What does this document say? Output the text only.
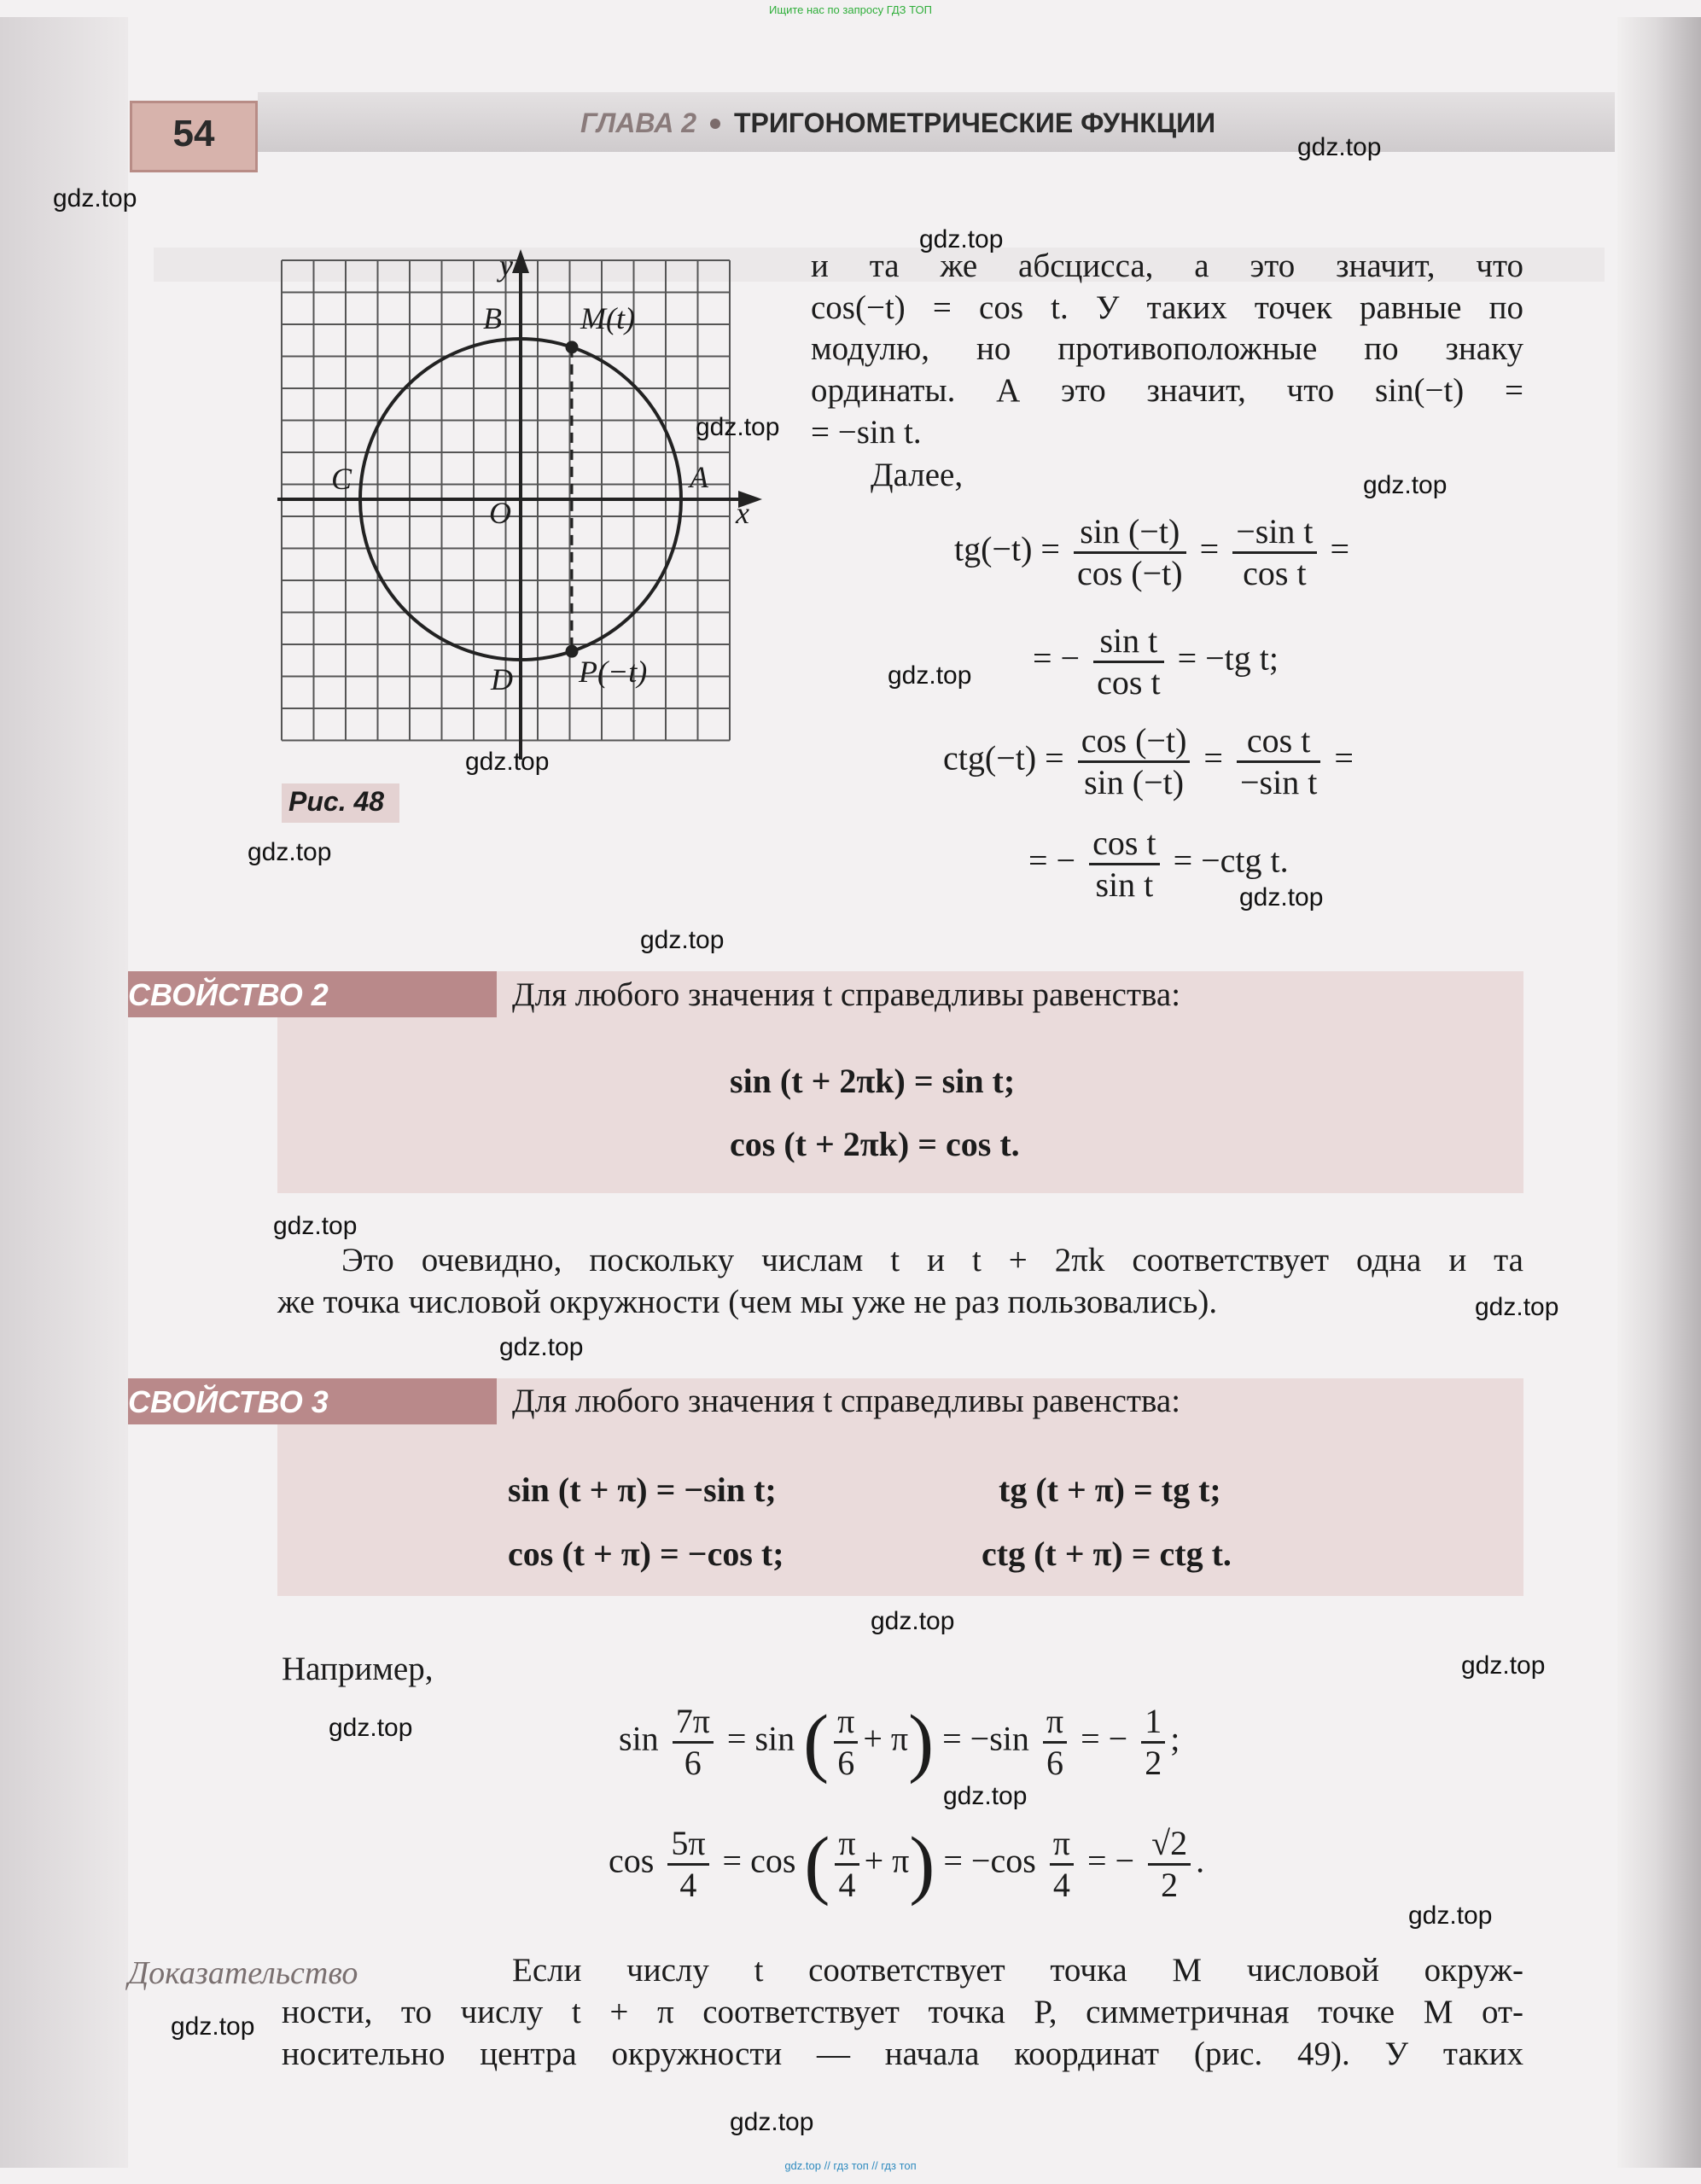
Ищите нас по запросу ГДЗ ТОП
gdz.top // гдз топ // гдз топ
54	ГЛАВА 2 ТРИГОНОМЕТРИЧЕСКИЕ ФУНКЦИИ
y
x
B	M(t)
C
O
A
D P(−t)
Рис. 48
и та же абсцисса, а это значит, что
cos(−t) = cos t. У таких точек равные по
модулю, но противоположные по знаку
ординаты. А это значит, что sin(−t) =
= −sin t.
Далее,
$tg(-t) = \frac{\sin (-t)}{\cos (-t)} = \frac{\text{−sin t}}{\text{cos t}}$ =
= − $\frac{\text{sin t}}{\text{cos t}} = -tg$ t;
$ctg(-t) = \frac{\cos (-t)}{\sin (-t)} = \frac{\text{cos t}}{\text{−sin t}}$ =
= − $\frac{\text{cos t}}{\text{sin t}} = -ctg$ t.
СВОЙСТВО 2	Для любого значения t справедливы равенства:
sin (t + 2πk) = sin t;
cos (t + 2πk) = cos t.
Это очевидно, поскольку числам t и t + 2πk соответствует одна и та
же точка числовой окружности (чем мы уже не раз пользовались).
СВОЙСТВО 3	Для любого значения t справедливы равенства:
sin (t + π) = −sin t;	tg (t + π) = tg t;
cos (t + π) = −cos t;	ctg (t + π) = ctg t.
Например,
$\sin \frac{7\pi}{6} = \sin$ ( $\frac{\pi}{6} + \pi) = -\sin \frac{\pi}{6}$ = − $\frac{1}{2}$ ;
$\cos \frac{5\pi}{4} = \cos$ ( $\frac{\pi}{4} + \pi) = -\cos \frac{\pi}{4}$ = − $\frac{√2}{2}$ .
Доказательство	Если числу t соответствует точка M числовой окруж-
ности, то числу t + π соответствует точка P, симметричная точке M от-
носительно центра окружности — начала координат (рис. 49). У таких
gdz.top
gdz.top
gdz.top
gdz.top
gdz.top
gdz.top
gdz.top
gdz.top
gdz.top
gdz.top
gdz.top
gdz.top
gdz.top
gdz.top
gdz.top
gdz.top
gdz.top
gdz.top
gdz.top
gdz.top
